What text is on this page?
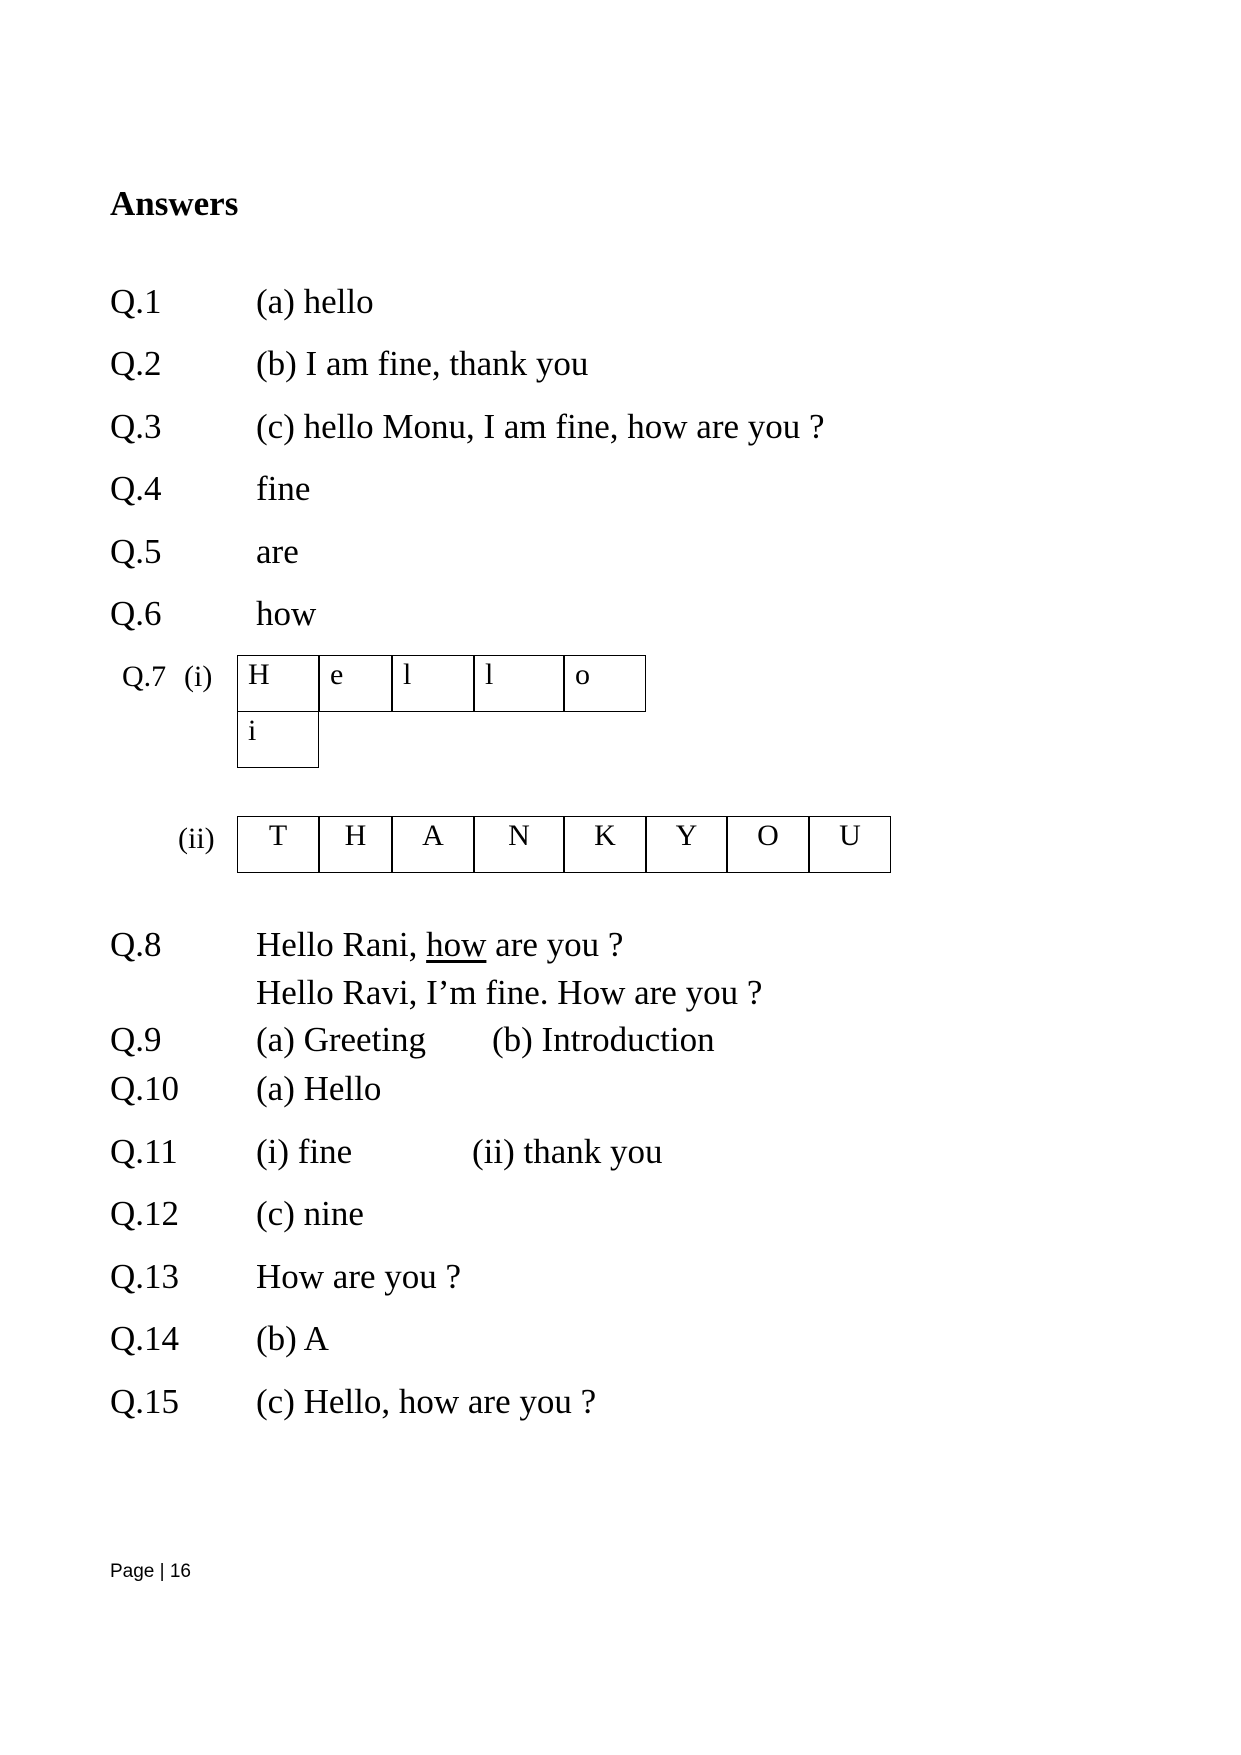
Answers
Q.1	(a) hello
Q.2	(b) I am fine, thank you
Q.3	(c) hello Monu, I am fine, how are you ?
Q.4	fine
Q.5	are
Q.6	how
Q.7 (i)	H	e	l	l	o
i
(ii)	T	H	A	N	K	Y	O	U
Q.8	Hello Rani, how are you ?
Hello Ravi, I’m fine. How are you ?
Q.9	(a) Greeting (b) Introduction
Q.10 (a) Hello
Q.11 (i) fine	(ii) thank you
Q.12 (c) nine
Q.13 How are you ?
Q.14 (b) A
Q.15 (c) Hello, how are you ?
Page | 16
